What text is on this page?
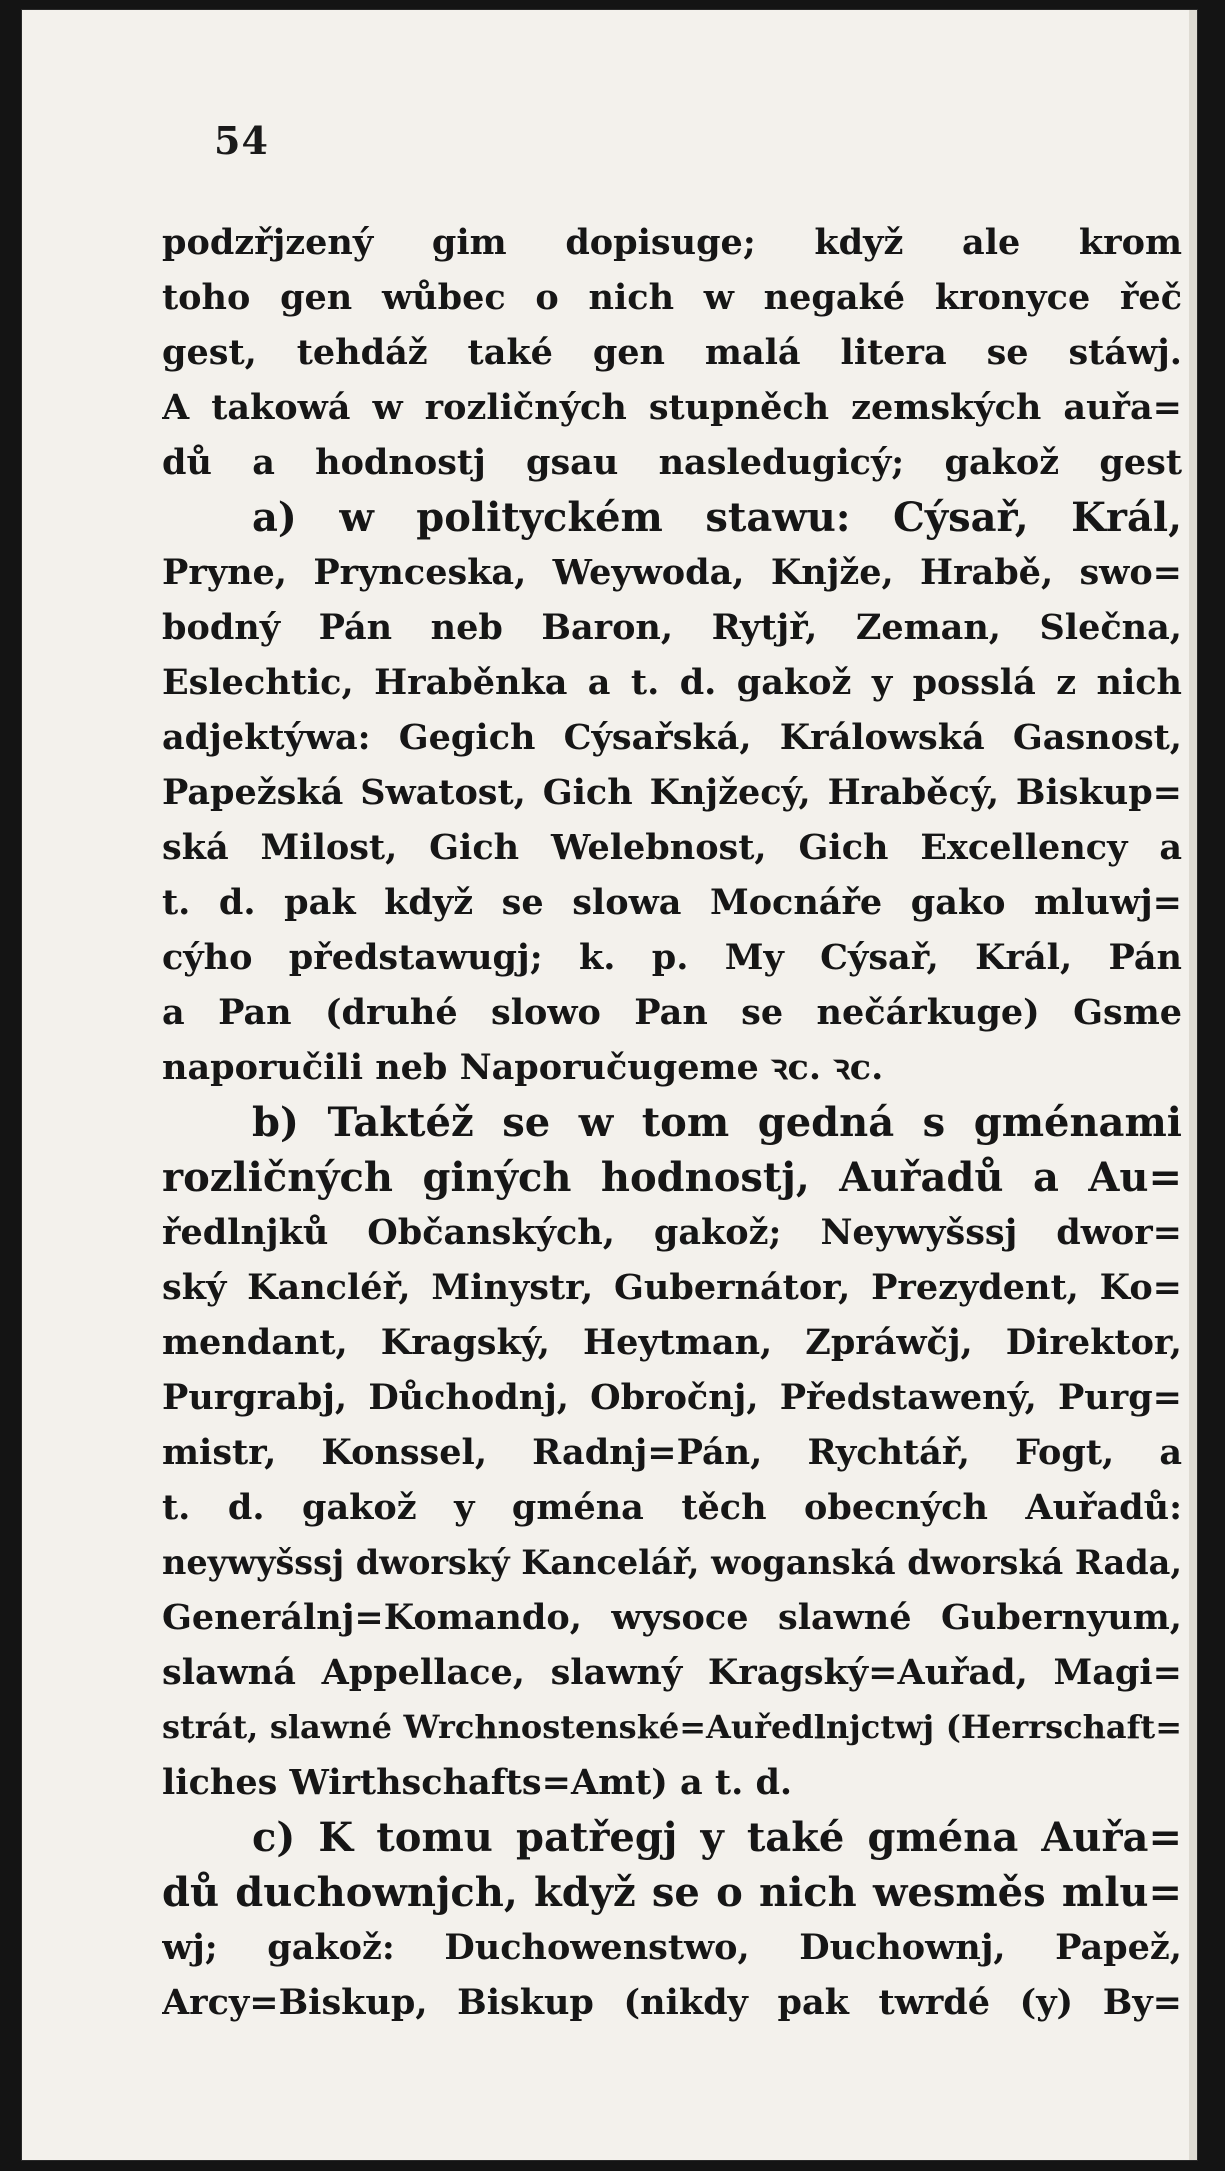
54
podzřjzený gim dopisuge; když ale krom
toho gen wůbec o nich w negaké kronyce řeč
gest, tehdáž také gen malá litera se stáwj.
A takowá w rozličných stupněch zemských auřa=
dů a hodnostj gsau nasledugicý; gakož gest
a) w polityckém stawu: Cýsař, Král,
Pryne, Prynceska, Weywoda, Knjže, Hrabě, swo=
bodný Pán neb Baron, Rytjř, Zeman, Slečna,
Eslechtic, Hraběnka a t. d. gakož y posslá z nich
adjektýwa: Gegich Cýsařská, Králowská Gasnost,
Papežská Swatost, Gich Knjžecý, Hraběcý, Biskup=
ská Milost, Gich Welebnost, Gich Excellency a
t. d. pak když se slowa Mocnáře gako mluwj=
cýho předstawugj; k. p. My Cýsař, Král, Pán
a Pan (druhé slowo Pan se nečárkuge) Gsme
naporučili neb Naporučugeme ꝛc. ꝛc.
b) Taktéž se w tom gedná s gménami
rozličných giných hodnostj, Auřadů a Au=
ředlnjků Občanských, gakož; Neywyšssj dwor=
ský Kancléř, Minystr, Gubernátor, Prezydent, Ko=
mendant, Kragský, Heytman, Zpráwčj, Direktor,
Purgrabj, Důchodnj, Obročnj, Předstawený, Purg=
mistr, Konssel, Radnj=Pán, Rychtář, Fogt, a
t. d. gakož y gména těch obecných Auřadů:
neywyšssj dworský Kancelář, woganská dworská Rada,
Generálnj=Komando, wysoce slawné Gubernyum,
slawná Appellace, slawný Kragský=Auřad, Magi=
strát, slawné Wrchnostenské=Auředlnjctwj (Herrschaft=
liches Wirthschafts=Amt) a t. d.
c) K tomu patřegj y také gména Auřa=
dů duchownjch, když se o nich wesměs mlu=
wj; gakož: Duchowenstwo, Duchownj, Papež,
Arcy=Biskup, Biskup (nikdy pak twrdé (y) By=
